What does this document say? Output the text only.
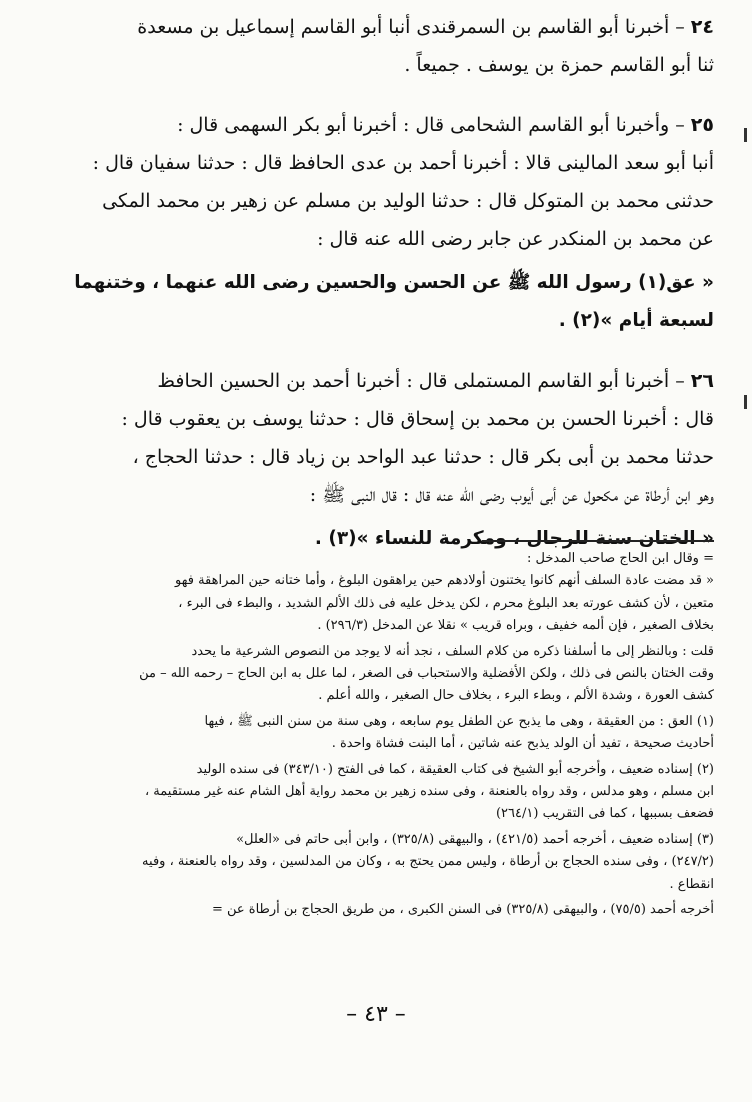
٢٤ – أخبرنا أبو القاسم بن السمرقندى أنبا أبو القاسم إسماعيل بن مسعدة
ثنا أبو القاسم حمزة بن يوسف . جميعاً .
٢٥ – وأخبرنا أبو القاسم الشحامى قال : أخبرنا أبو بكر السهمى قال :
أنبا أبو سعد المالينى قالا : أخبرنا أحمد بن عدى الحافظ قال : حدثنا سفيان قال :
حدثنى محمد بن المتوكل قال : حدثنا الوليد بن مسلم عن زهير بن محمد المكى
عن محمد بن المنكدر عن جابر رضى الله عنه قال :
« عق(١) رسول الله ﷺ عن الحسن والحسين رضى الله عنهما ، وختنهما
لسبعة أيام »(٢) .
٢٦ – أخبرنا أبو القاسم المستملى قال : أخبرنا أحمد بن الحسين الحافظ
قال : أخبرنا الحسن بن محمد بن إسحاق قال : حدثنا يوسف بن يعقوب قال :
حدثنا محمد بن أبى بكر قال : حدثنا عبد الواحد بن زياد قال : حدثنا الحجاج ،
وهو ابن أرطاة عن مكحول عن أبى أيوب رضى الله عنه قال : قال النبى ﷺ :
« الختان سنة للرجال ، ومكرمة للنساء »(٣) .
= وقال ابن الحاج صاحب المدخل :
« قد مضت عادة السلف أنهم كانوا يختنون أولادهم حين يراهقون البلوغ ، وأما ختانه حين المراهقة فهو
متعين ، لأن كشف عورته بعد البلوغ محرم ، لكن يدخل عليه فى ذلك الألم الشديد ، والبطء فى البرء ،
بخلاف الصغير ، فإن ألمه خفيف ، وبراه قريب » نقلا عن المدخل (٢٩٦/٣) .
قلت : وبالنظر إلى ما أسلفنا ذكره من كلام السلف ، نجد أنه لا يوجد من النصوص الشرعية ما يحدد
وقت الختان بالنص فى ذلك ، ولكن الأفضلية والاستحباب فى الصغر ، لما علل به ابن الحاج – رحمه الله – من
كشف العورة ، وشدة الألم ، وبطء البرء ، بخلاف حال الصغير ، والله أعلم .
(١) العق : من العقيقة ، وهى ما يذبح عن الطفل يوم سابعه ، وهى سنة من سنن النبى ﷺ ، فيها
أحاديث صحيحة ، تفيد أن الولد يذبح عنه شاتين ، أما البنت فشاة واحدة .
(٢) إسناده ضعيف ، وأخرجه أبو الشيخ فى كتاب العقيقة ، كما فى الفتح (٣٤٣/١٠) فى سنده الوليد
ابن مسلم ، وهو مدلس ، وقد رواه بالعنعنة ، وفى سنده زهير بن محمد رواية أهل الشام عنه غير مستقيمة ،
فضعف بسببها ، كما فى التقريب (٢٦٤/١)
(٣) إسناده ضعيف ، أخرجه أحمد (٤٢١/٥) ، والبيهقى (٣٢٥/٨) ، وابن أبى حاتم فى «العلل»
(٢٤٧/٢) ، وفى سنده الحجاج بن أرطاة ، وليس ممن يحتج به ، وكان من المدلسين ، وقد رواه بالعنعنة ، وفيه
انقطاع .
أخرجه أحمد (٧٥/٥) ، والبيهقى (٣٢٥/٨) فى السنن الكبرى ، من طريق الحجاج بن أرطاة عن =
– ٤٣ –
